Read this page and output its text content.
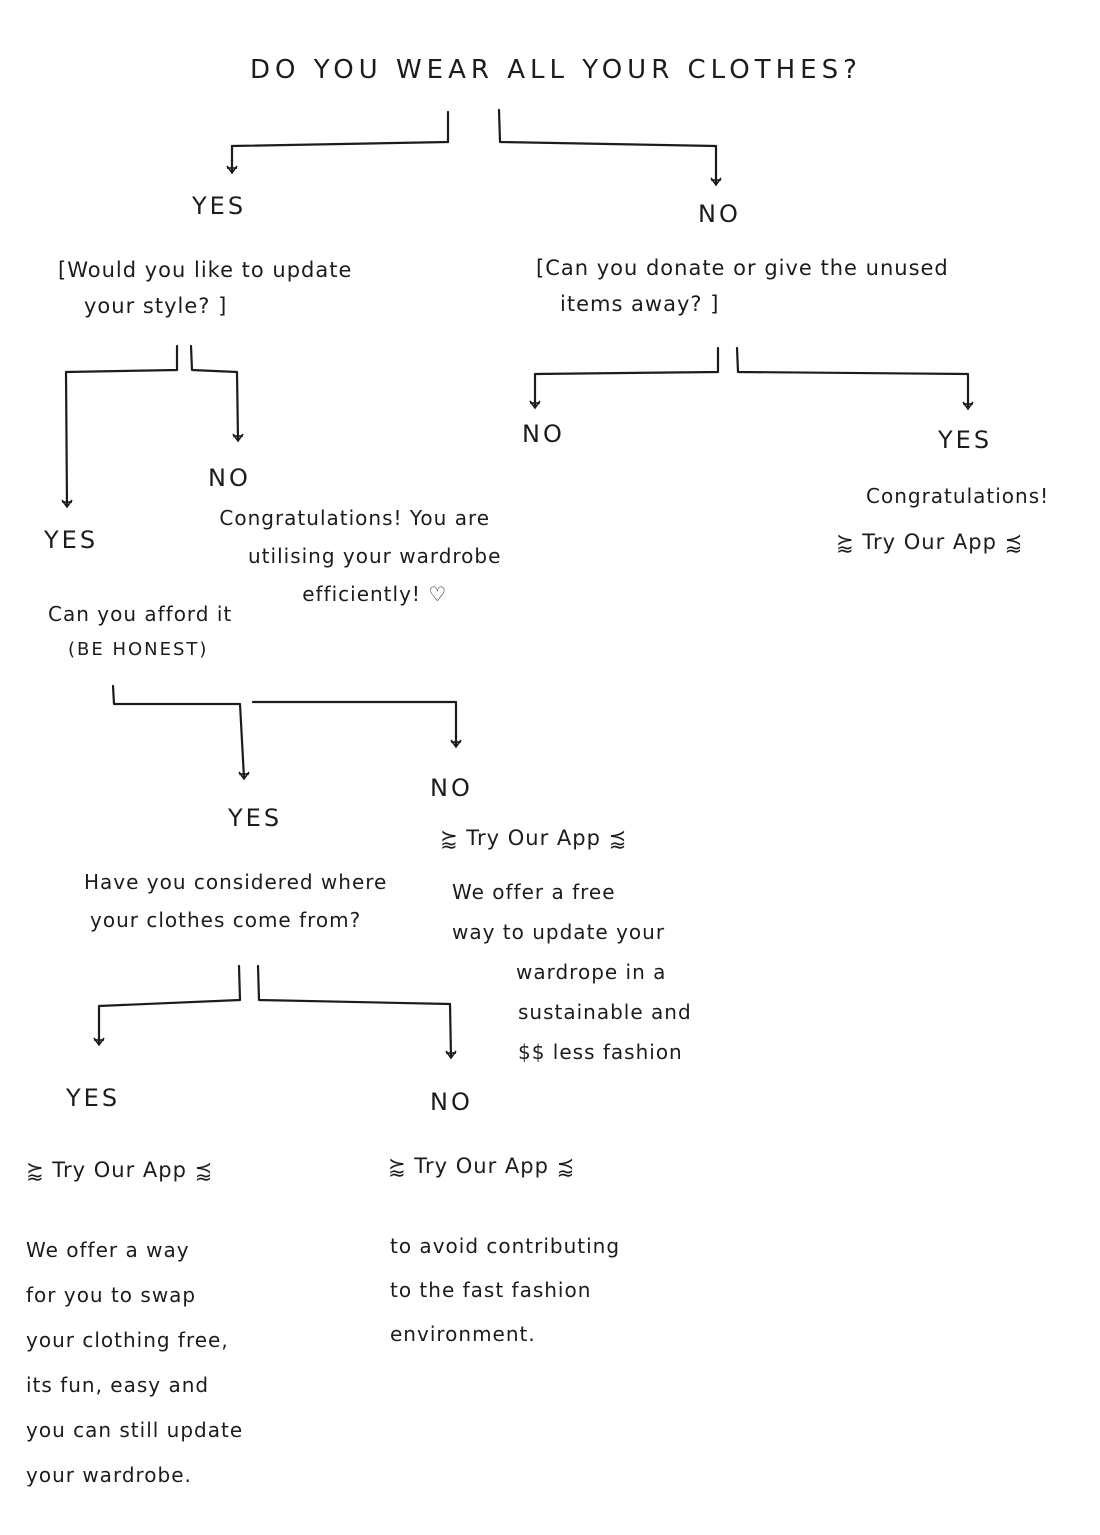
DO YOU WEAR ALL YOUR CLOTHES?
YES
[Would you like to update
your style? ]
NO
Congratulations! You are
utilising your wardrobe
efficiently! ♡
YES
Can you afford it
(BE HONEST)
YES
Have you considered where
your clothes come from?
YES
⪸ Try Our App ⪷
We offer a way
for you to swap
your clothing free,
its fun, easy and
you can still update
your wardrobe.
NO
⪸ Try Our App ⪷
to avoid contributing
to the fast fashion
environment.
NO
⪸ Try Our App ⪷
We offer a free
way to update your
wardrope in a
sustainable and
$$ less fashion
NO
[Can you donate or give the unused
items away? ]
NO	YES
Congratulations!
⪸ Try Our App ⪷
